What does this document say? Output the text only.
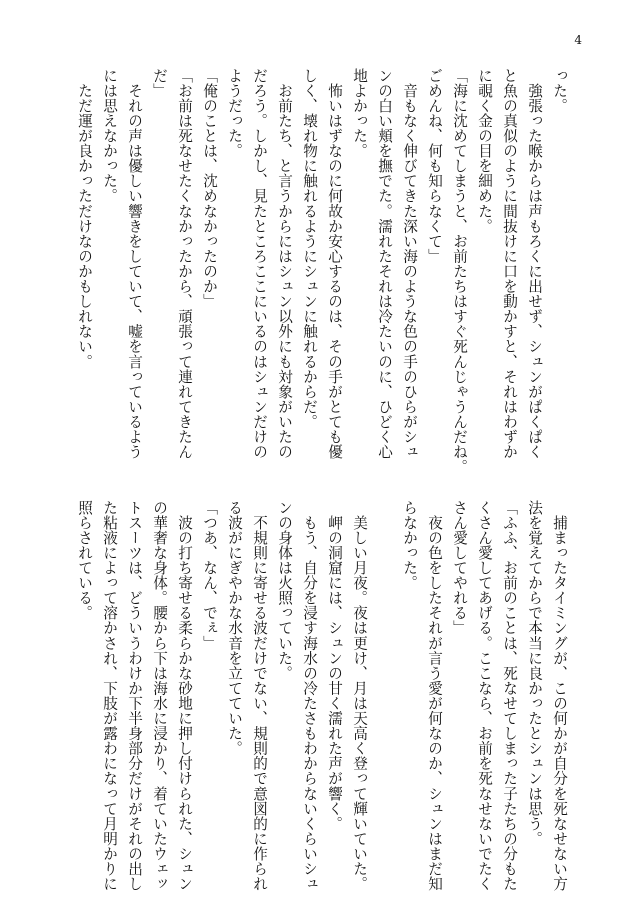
4
った。
　強張った喉からは声もろくに出せず、シュンがぱくぱく
と魚の真似のように間抜けに口を動かすと、それはわずか
に覗く金の目を細めた。
「海に沈めてしまうと、お前たちはすぐ死んじゃうんだね。
ごめんね、何も知らなくて」
　音もなく伸びてきた深い海のような色の手のひらがシュ
ンの白い頬を撫でた。濡れたそれは冷たいのに、ひどく心
地よかった。
　怖いはずなのに何故か安心するのは、その手がとても優
しく、壊れ物に触れるようにシュンに触れるからだ。
　お前たち、と言うからにはシュン以外にも対象がいたの
だろう。しかし、見たところここにいるのはシュンだけの
ようだった。
「俺のことは、沈めなかったのか」
「お前は死なせたくなかったから、頑張って連れてきたん
だ」
　それの声は優しい響きをしていて、嘘を言っているよう
には思えなかった。
　ただ運が良かっただけなのかもしれない。
　捕まったタイミングが、この何かが自分を死なせない方
法を覚えてからで本当に良かったとシュンは思う。
「ふふ、お前のことは、死なせてしまった子たちの分もた
くさん愛してあげる。ここなら、お前を死なせないでたく
さん愛してやれる」
　夜の色をしたそれが言う愛が何なのか、シュンはまだ知
らなかった。
　美しい月夜。夜は更け、月は天高く登って輝いていた。
　岬の洞窟には、シュンの甘く濡れた声が響く。
　もう、自分を浸す海水の冷たさもわからないくらいシュ
ンの身体は火照っていた。
　不規則に寄せる波だけでない、規則的で意図的に作られ
る波がにぎやかな水音を立てていた。
「つあ、なん、でぇ」
　波の打ち寄せる柔らかな砂地に押し付けられた、シュン
の華奢な身体。腰から下は海水に浸かり、着ていたウェッ
トスーツは、どういうわけか下半身部分だけがそれの出し
た粘液によって溶かされ、下肢が露わになって月明かりに
照らされている。
